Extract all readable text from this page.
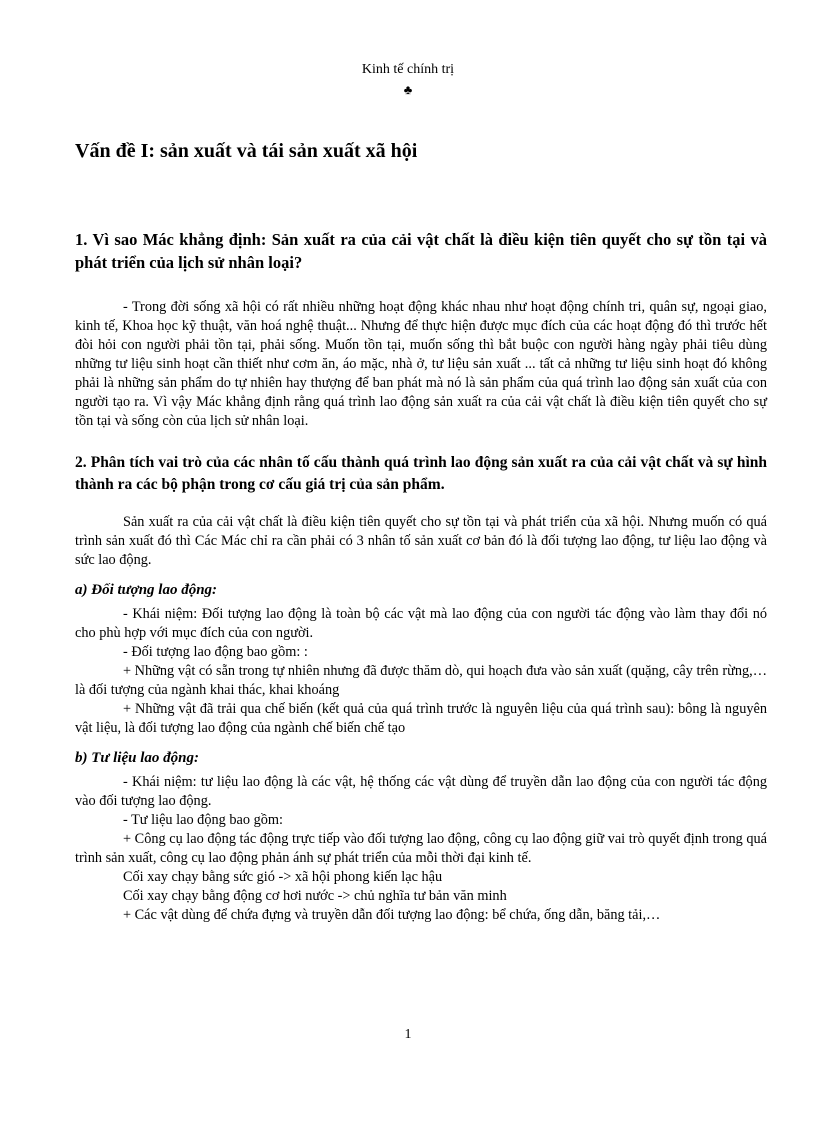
Kinh tế chính trị
♣
Vấn đề I: sản xuất và tái sản xuất xã hội

1. Vì sao Mác khẳng định: Sản xuất ra của cải vật chất là điều kiện tiên quyết cho sự tồn tại và phát triển của lịch sử nhân loại?

- Trong đời sống xã hội có rất nhiều những hoạt động khác nhau như hoạt động chính tri, quân sự, ngoại giao, kinh tế, Khoa học kỹ thuật, văn hoá nghệ thuật... Nhưng để thực hiện được mục đích của các hoạt động đó thì trước hết đòi hỏi con người phải tồn tại, phải sống. Muốn tồn tại, muốn sống thì bắt buộc con người hàng ngày phải tiêu dùng những tư liệu sinh hoạt cần thiết như cơm ăn, áo mặc, nhà ở, tư liệu sản xuất ... tất cả những tư liệu sinh hoạt đó không phải là những sản phẩm do tự nhiên hay thượng để ban phát mà nó là sản phẩm của quá trình lao động sản xuất của con người tạo ra. Vì vậy Mác khẳng định rằng quá trình lao động sản xuất ra của cải vật chất là điều kiện tiên quyết cho sự tồn tại và sống còn của lịch sử nhân loại.

2. Phân tích vai trò của các nhân tố cấu thành quá trình lao động sản xuất ra của cải vật chất và sự hình thành ra các bộ phận trong cơ cấu giá trị của sản phẩm.

Sản xuất ra của cải vật chất là điều kiện tiên quyết cho sự tồn tại và phát triển của xã hội. Nhưng muốn có quá trình sản xuất đó thì Các Mác chỉ ra cần phải có 3 nhân tố sản xuất cơ bản đó là đối tượng lao động, tư liệu lao động và sức lao động.

a) Đối tượng lao động:

- Khái niệm: Đối tượng lao động là toàn bộ các vật mà lao động của con người tác động vào làm thay đổi nó cho phù hợp với mục đích của con người.

- Đối tượng lao động bao gồm: :

+ Những vật có sẵn trong tự nhiên nhưng đã được thăm dò, qui hoạch đưa vào sản xuất (quặng, cây trên rừng,…là đối tượng của ngành khai thác, khai khoáng

+ Những vật đã trải qua chế biến (kết quả của quá trình trước là nguyên liệu của quá trình sau): bông là nguyên vật liệu, là đối tượng lao động của ngành chế biến chế tạo

b) Tư liệu lao động:

- Khái niệm: tư liệu lao động là các vật, hệ thống các vật dùng để truyền dẫn lao động của con người tác động vào đối tượng lao động.

- Tư liệu lao động bao gồm:

+ Công cụ lao động tác động trực tiếp vào đối tượng lao động, công cụ lao động giữ vai trò quyết định trong quá trình sản xuất, công cụ lao động phản ánh sự phát triển của mỗi thời đại kinh tế.

Cối xay chạy bằng sức gió -> xã hội phong kiến lạc hậu

Cối xay chạy bằng động cơ hơi nước -> chủ nghĩa tư bản văn minh

+ Các vật dùng để chứa đựng và truyền dẫn đối tượng lao động: bể chứa, ống dẫn, băng tải,…

1
